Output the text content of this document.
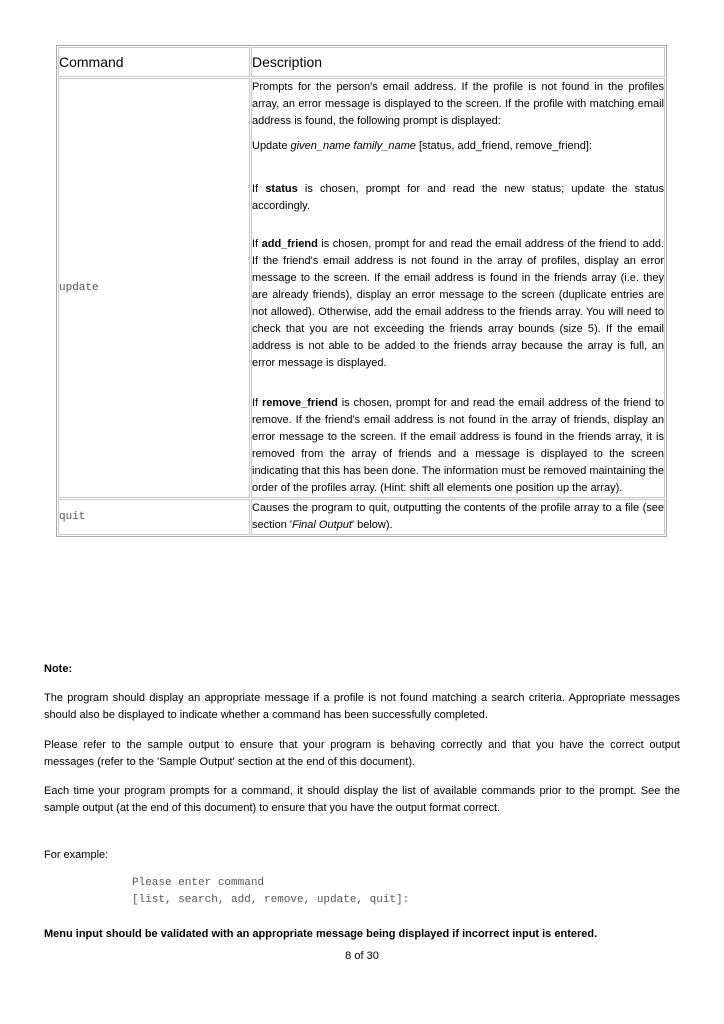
Command	Description
update	Prompts for the person's email address. If the profile is not found in the profiles array, an error message is displayed to the screen. If the profile with matching email address is found, the following prompt is displayed:

Update given_name family_name [status, add_friend, remove_friend]:

If status is chosen, prompt for and read the new status; update the status accordingly.

If add_friend is chosen, prompt for and read the email address of the friend to add. If the friend's email address is not found in the array of profiles, display an error message to the screen. If the email address is found in the friends array (i.e. they are already friends), display an error message to the screen (duplicate entries are not allowed). Otherwise, add the email address to the friends array. You will need to check that you are not exceeding the friends array bounds (size 5). If the email address is not able to be added to the friends array because the array is full, an error message is displayed.

If remove_friend is chosen, prompt for and read the email address of the friend to remove. If the friend's email address is not found in the array of friends, display an error message to the screen. If the email address is found in the friends array, it is removed from the array of friends and a message is displayed to the screen indicating that this has been done. The information must be removed maintaining the order of the profiles array. (Hint: shift all elements one position up the array).

quit	Causes the program to quit, outputting the contents of the profile array to a file (see section 'Final Output' below).

Note:

The program should display an appropriate message if a profile is not found matching a search criteria. Appropriate messages should also be displayed to indicate whether a command has been successfully completed.

Please refer to the sample output to ensure that your program is behaving correctly and that you have the correct output messages (refer to the 'Sample Output' section at the end of this document).

Each time your program prompts for a command, it should display the list of available commands prior to the prompt. See the sample output (at the end of this document) to ensure that you have the output format correct.

For example:

Please enter command
[list, search, add, remove, update, quit]:
Menu input should be validated with an appropriate message being displayed if incorrect input is entered.
8 of 30
